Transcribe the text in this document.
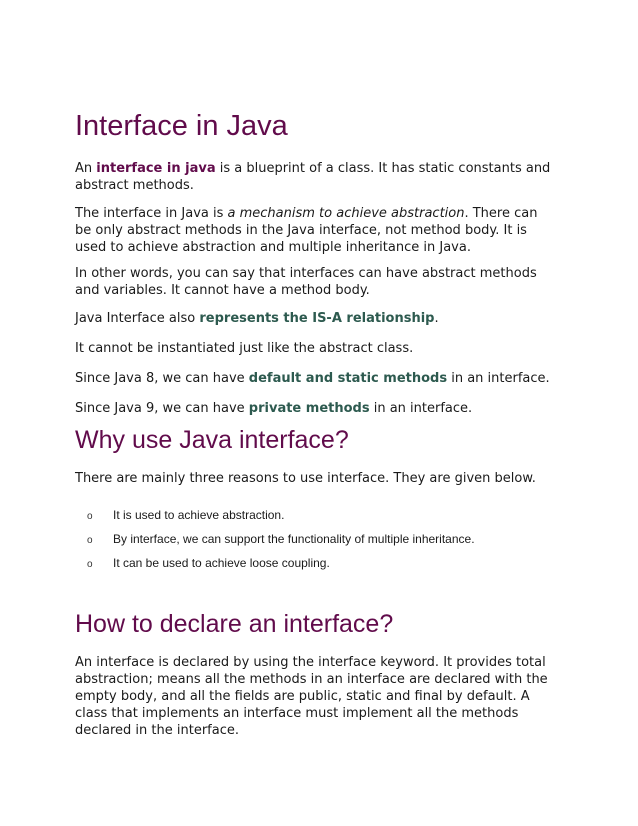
Interface in Java

An interface in java is a blueprint of a class. It has static constants and abstract methods.

The interface in Java is a mechanism to achieve abstraction. There can be only abstract methods in the Java interface, not method body. It is used to achieve abstraction and multiple inheritance in Java.

In other words, you can say that interfaces can have abstract methods and variables. It cannot have a method body.

Java Interface also represents the IS-A relationship.

It cannot be instantiated just like the abstract class.

Since Java 8, we can have default and static methods in an interface.

Since Java 9, we can have private methods in an interface.

Why use Java interface?

There are mainly three reasons to use interface. They are given below.

o It is used to achieve abstraction.
o By interface, we can support the functionality of multiple inheritance.
o It can be used to achieve loose coupling.
How to declare an interface?

An interface is declared by using the interface keyword. It provides total abstraction; means all the methods in an interface are declared with the empty body, and all the fields are public, static and final by default. A class that implements an interface must implement all the methods declared in the interface.
